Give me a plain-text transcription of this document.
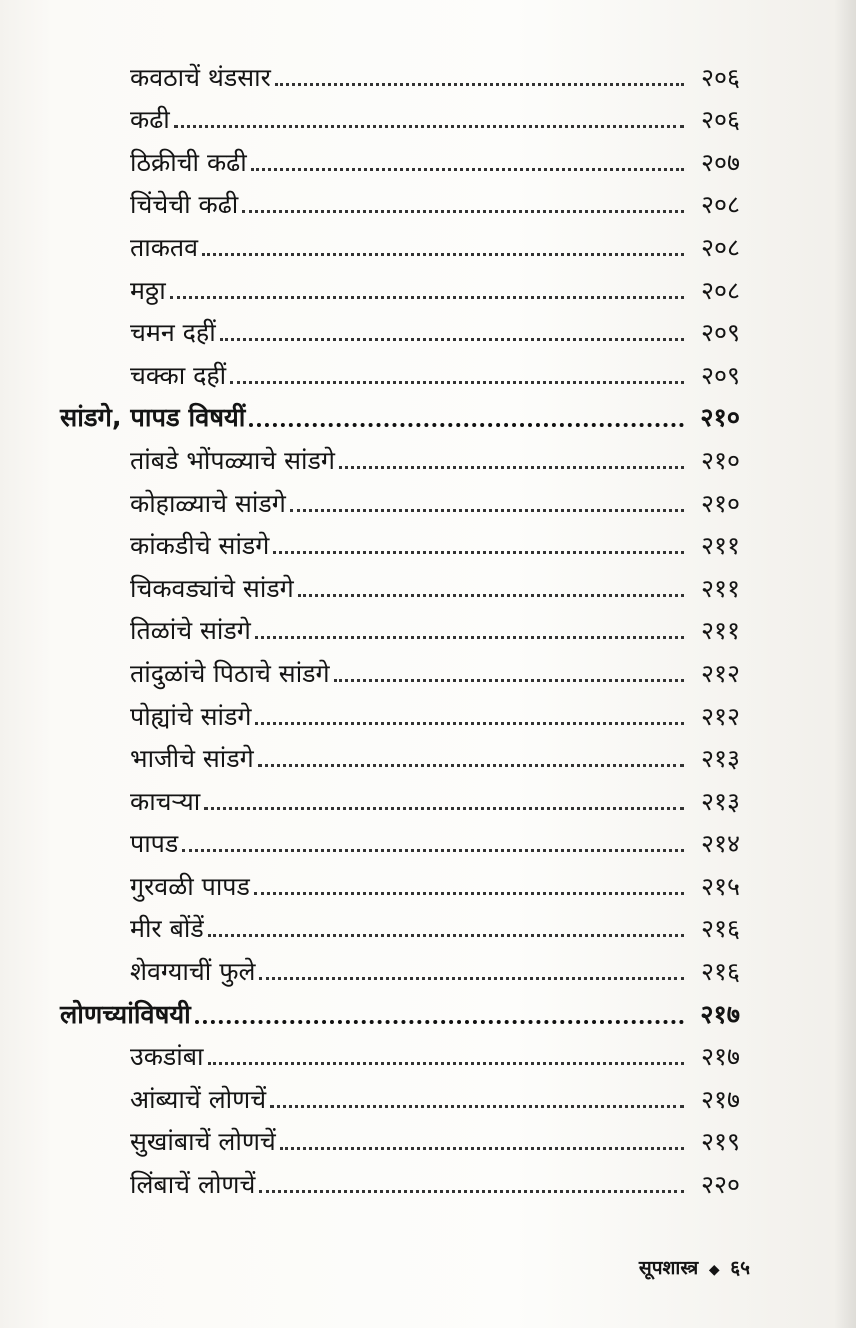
कवठाचें थंडसार	२०६
कढी	२०६
ठिक्रीची कढी	२०७
चिंचेची कढी	२०८
ताकतव	२०८
मठ्ठा	२०८
चमन दहीं	२०९
चक्का दहीं	२०९
सांडगे, पापड विषयीं	२१०
तांबडे भोंपळ्याचे सांडगे	२१०
कोहाळ्याचे सांडगे	२१०
कांकडीचे सांडगे	२११
चिकवड्यांचे सांडगे	२११
तिळांचे सांडगे	२११
तांदुळांचे पिठाचे सांडगे	२१२
पोह्यांचे सांडगे	२१२
भाजीचे सांडगे	२१३
काचऱ्या	२१३
पापड	२१४
गुरवळी पापड	२१५
मीर बोंडें	२१६
शेवग्याचीं फुले	२१६
लोणच्यांविषयी	२१७
उकडांबा	२१७
आंब्याचें लोणचें	२१७
सुखांबाचें लोणचें	२१९
लिंबाचें लोणचें	२२०
सूपशास्त्र ◆ ६५
